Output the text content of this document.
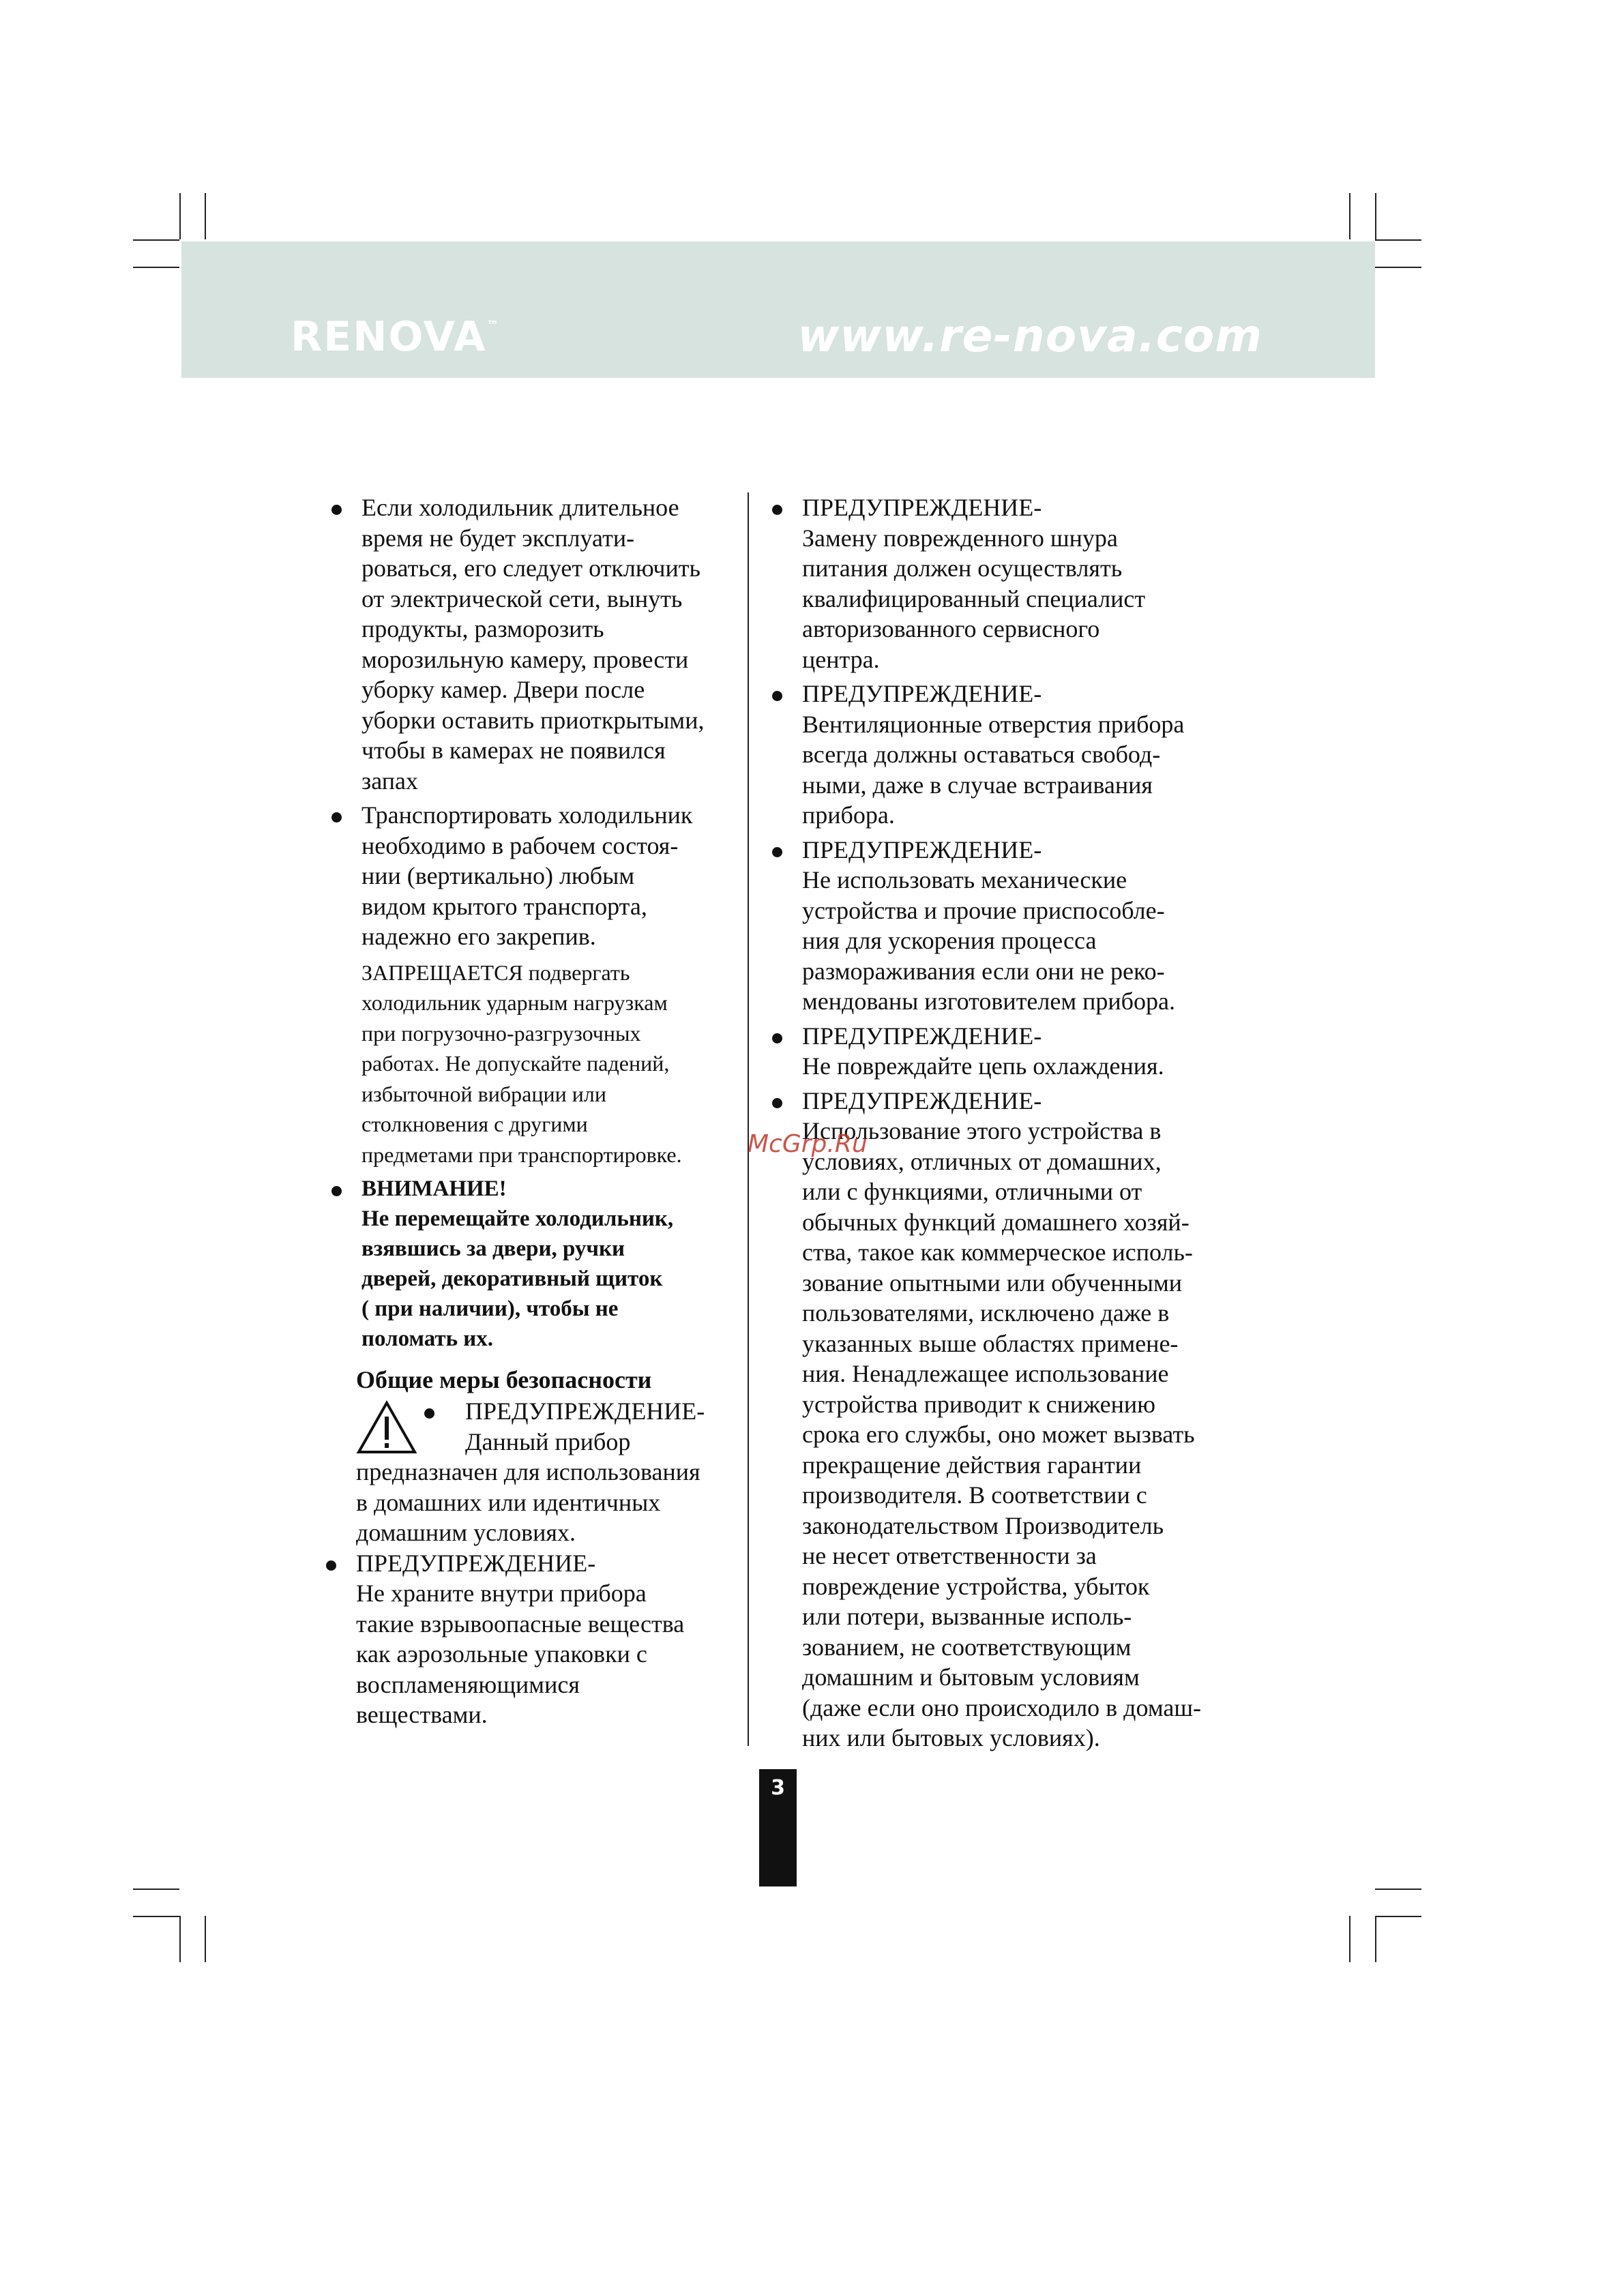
RENOVA™	www.re-nova.com
Если холодильник длительное
время не будет эксплуати-
роваться, его следует отключить
от электрической сети, вынуть
продукты, разморозить
морозильную камеру, провести
уборку камер. Двери после
уборки оставить приоткрытыми,
чтобы в камерах не появился
запах
Транспортировать холодильник
необходимо в рабочем состоя-
нии (вертикально) любым
видом крытого транспорта,
надежно его закрепив.
ЗАПРЕЩАЕТСЯ подвергать
холодильник ударным нагрузкам
при погрузочно-разгрузочных
работах. Не допускайте падений,
избыточной вибрации или
столкновения с другими
предметами при транспортировке.
ВНИМАНИЕ!
Не перемещайте холодильник,
взявшись за двери, ручки
дверей, декоративный щиток
( при наличии), чтобы не
поломать их.
Общие меры безопасности
ПРЕДУПРЕЖДЕНИЕ-
Данный прибор
предназначен для использования
в домашних или идентичных
домашним условиях.
ПРЕДУПРЕЖДЕНИЕ-
Не храните внутри прибора
такие взрывоопасные вещества
как аэрозольные упаковки с
воспламеняющимися
веществами.
ПРЕДУПРЕЖДЕНИЕ-
Замену поврежденного шнура
питания должен осуществлять
квалифицированный специалист
авторизованного сервисного
центра.
ПРЕДУПРЕЖДЕНИЕ-
Вентиляционные отверстия прибора
всегда должны оставаться свобод-
ными, даже в случае встраивания
прибора.
ПРЕДУПРЕЖДЕНИЕ-
Не использовать механические
устройства и прочие приспособле-
ния для ускорения процесса
размораживания если они не реко-
мендованы изготовителем прибора.
ПРЕДУПРЕЖДЕНИЕ-
Не повреждайте цепь охлаждения.
ПРЕДУПРЕЖДЕНИЕ-
Использование этого устройства в
условиях, отличных от домашних,
или с функциями, отличными от
обычных функций домашнего хозяй-
ства, такое как коммерческое исполь-
зование опытными или обученными
пользователями, исключено даже в
указанных выше областях примене-
ния. Ненадлежащее использование
устройства приводит к снижению
срока его службы, оно может вызвать
прекращение действия гарантии
производителя. В соответствии с
законодательством Производитель
не несет ответственности за
повреждение устройства, убыток
или потери, вызванные исполь-
зованием, не соответствующим
домашним и бытовым условиям
(даже если оно происходило в домаш-
них или бытовых условиях).
McGrp.Ru
3
